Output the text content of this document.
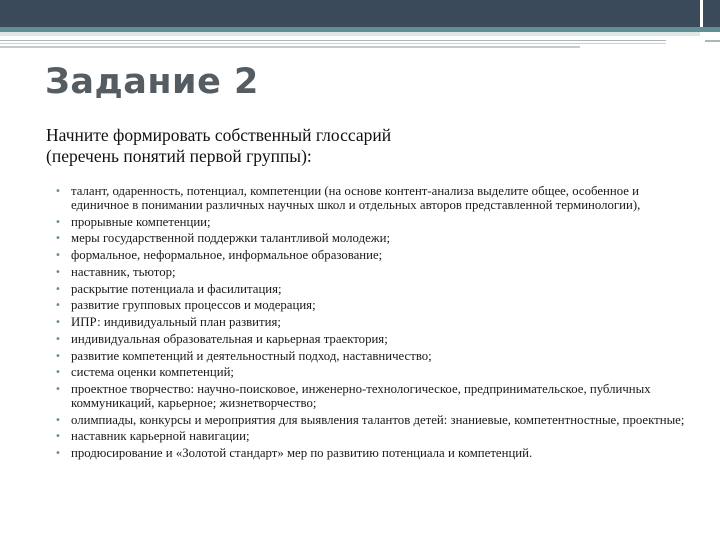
Задание 2
Начните формировать собственный глоссарий
(перечень понятий первой группы):
• талант, одаренность, потенциал, компетенции (на основе контент-анализа выделите общее, особенное и единичное в понимании различных научных школ и отдельных авторов представленной терминологии),
• прорывные компетенции;
• меры государственной поддержки талантливой молодежи;
• формальное, неформальное, информальное образование;
• наставник, тьютор;
• раскрытие потенциала и фасилитация;
• развитие групповых процессов и модерация;
• ИПР: индивидуальный план развития;
• индивидуальная образовательная и карьерная траектория;
• развитие компетенций и деятельностный подход, наставничество;
• система оценки компетенций;
• проектное творчество: научно-поисковое, инженерно-технологическое, предпринимательское, публичных коммуникаций, карьерное; жизнетворчество;
• олимпиады, конкурсы и мероприятия для выявления талантов детей: знаниевые, компетентностные, проектные;
• наставник карьерной навигации;
• продюсирование и «Золотой стандарт» мер по развитию потенциала и компетенций.
